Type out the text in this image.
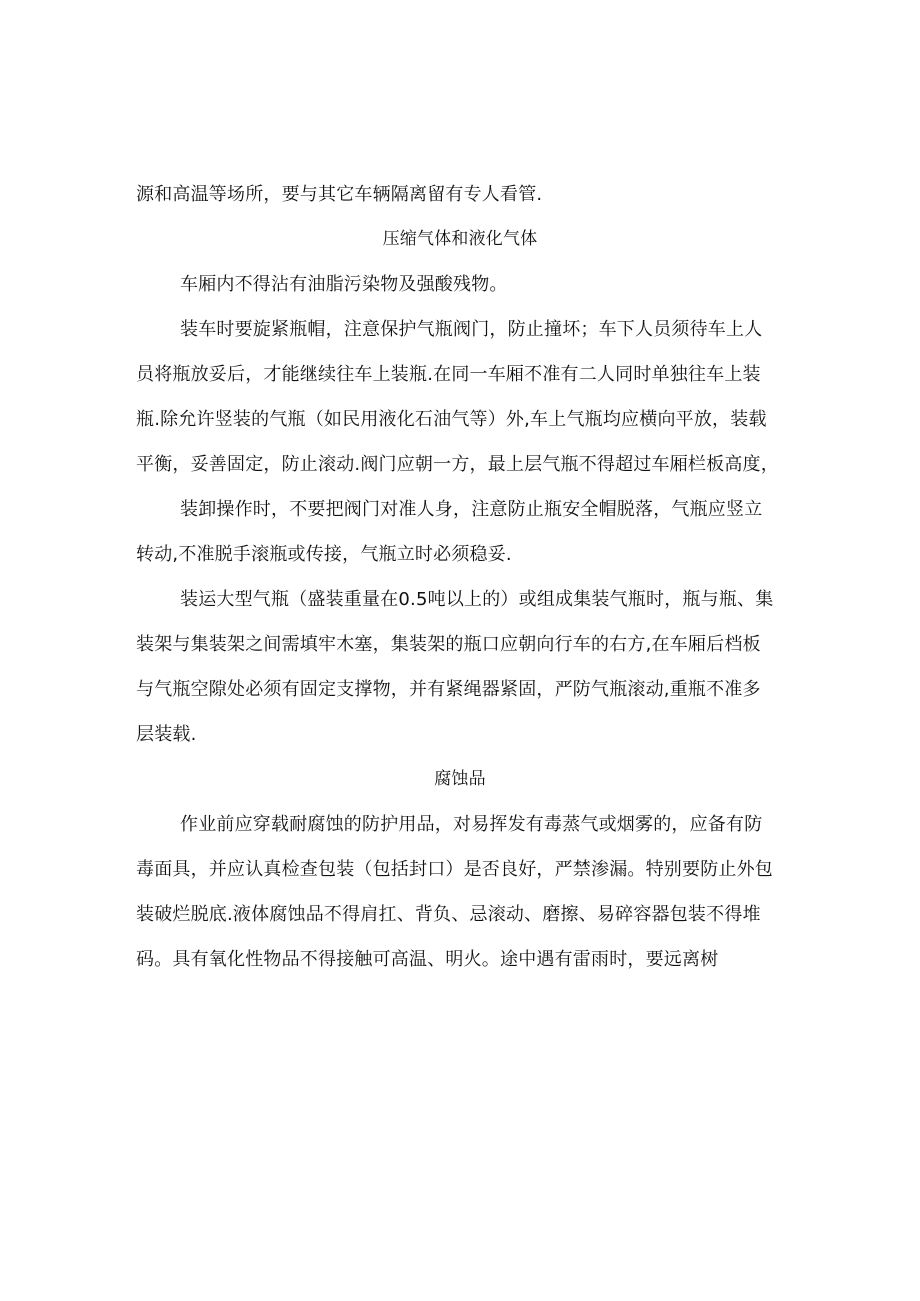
源和高温等场所，要与其它车辆隔离留有专人看管.
压缩气体和液化气体
车厢内不得沾有油脂污染物及强酸残物。
装车时要旋紧瓶帽，注意保护气瓶阀门，防止撞坏；车下人员须待车上人
员将瓶放妥后，才能继续往车上装瓶.在同一车厢不准有二人同时单独往车上装
瓶.除允许竖装的气瓶（如民用液化石油气等）外,车上气瓶均应横向平放，装载
平衡，妥善固定，防止滚动.阀门应朝一方，最上层气瓶不得超过车厢栏板高度，
装卸操作时，不要把阀门对准人身，注意防止瓶安全帽脱落，气瓶应竖立
转动,不准脱手滚瓶或传接，气瓶立时必须稳妥.
装运大型气瓶（盛装重量在0.5吨以上的）或组成集装气瓶时，瓶与瓶、集
装架与集装架之间需填牢木塞，集装架的瓶口应朝向行车的右方,在车厢后档板
与气瓶空隙处必须有固定支撑物，并有紧绳器紧固，严防气瓶滚动,重瓶不准多
层装载.
腐蚀品
作业前应穿载耐腐蚀的防护用品，对易挥发有毒蒸气或烟雾的，应备有防
毒面具，并应认真检查包装（包括封口）是否良好，严禁渗漏。特别要防止外包
装破烂脱底.液体腐蚀品不得肩扛、背负、忌滚动、磨擦、易碎容器包装不得堆
码。具有氧化性物品不得接触可高温、明火。途中遇有雷雨时，要远离树
